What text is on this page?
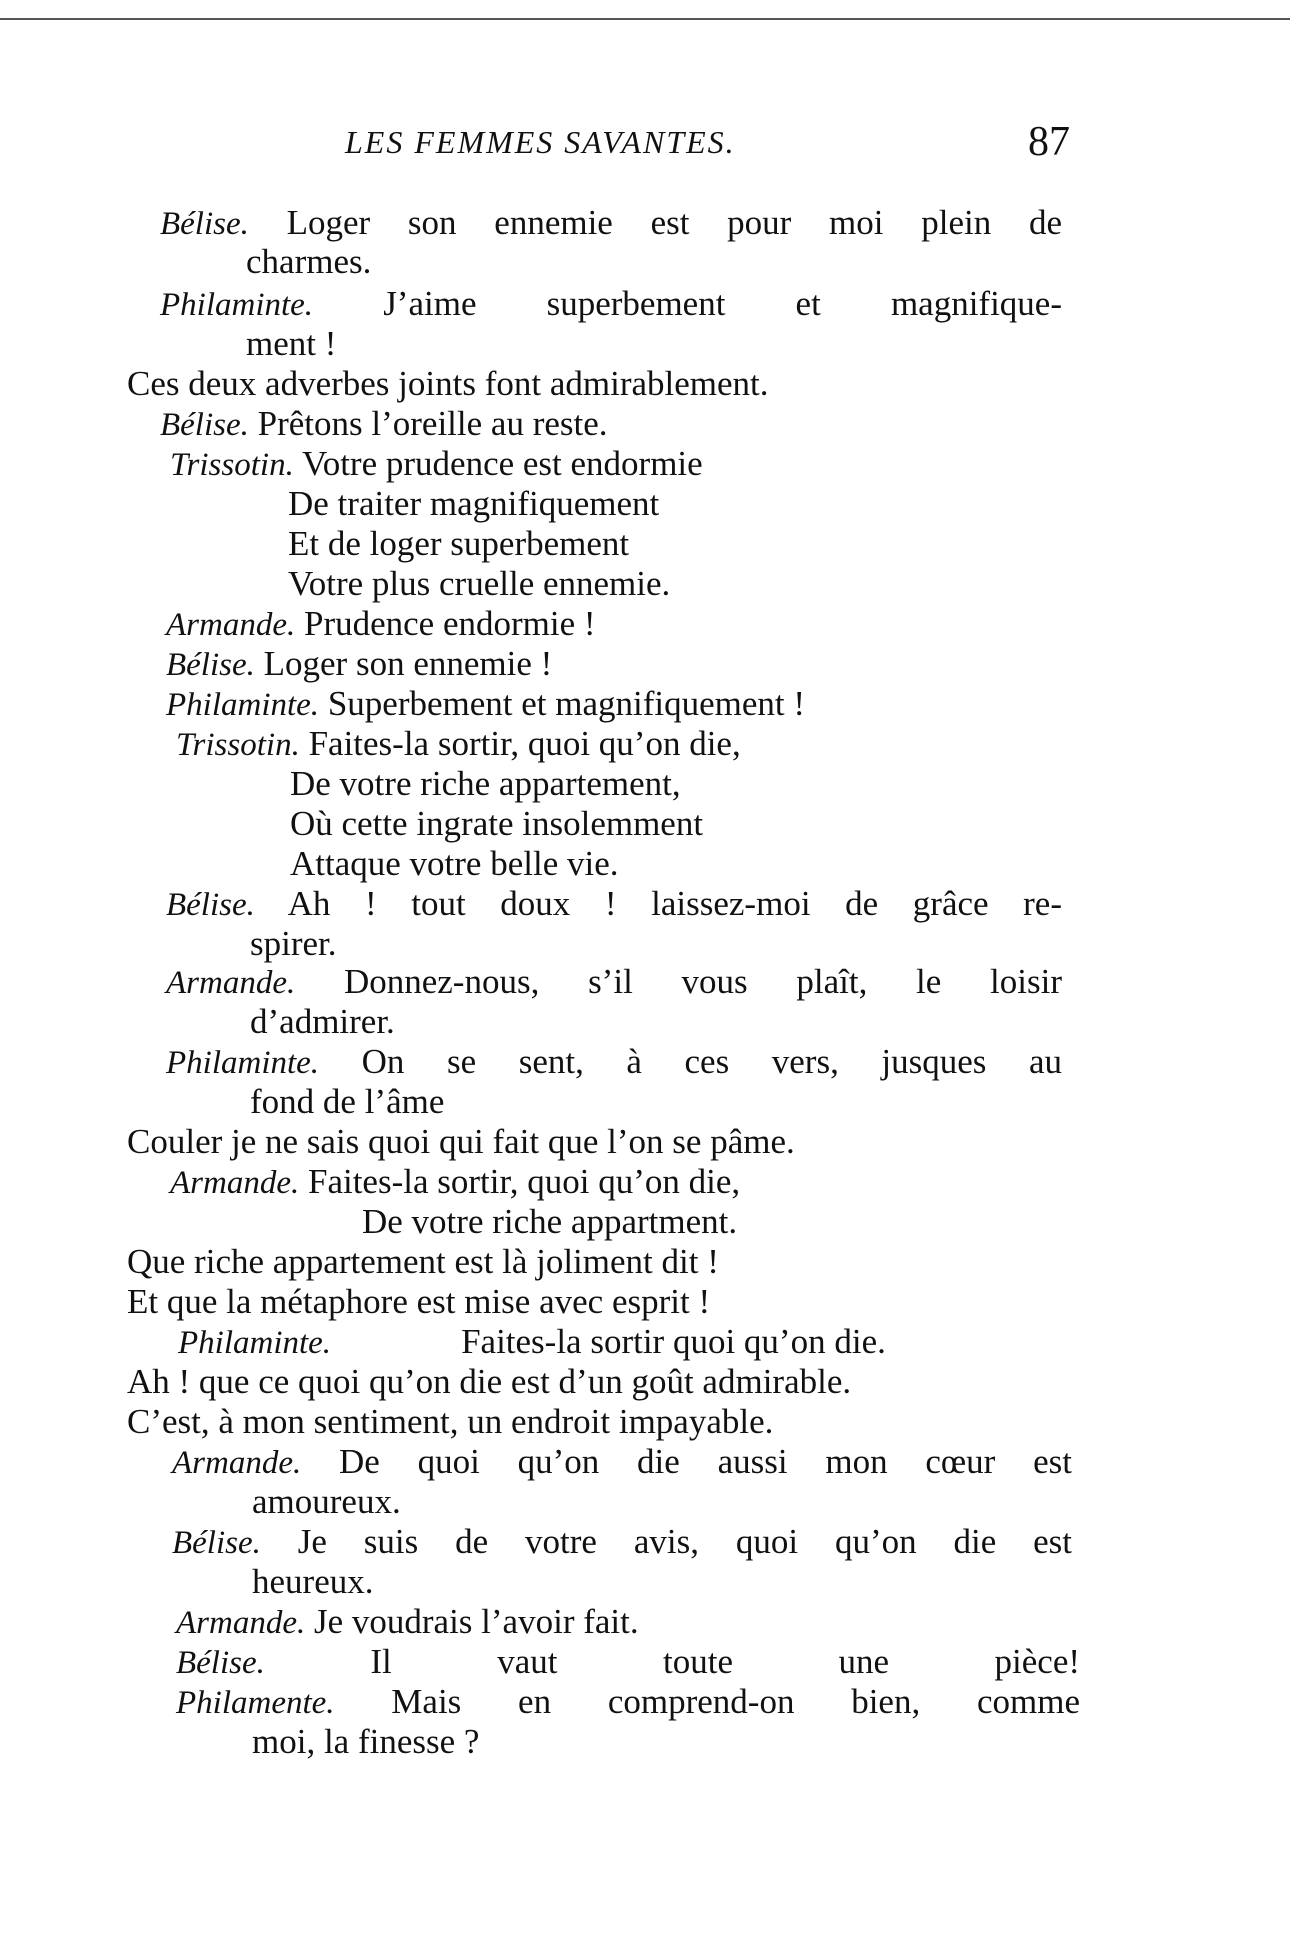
LES FEMMES SAVANTES.	87
Bélise. Loger son ennemie est pour moi plein de
charmes.
Philaminte. J’aime superbement et magnifique-
ment !
Ces deux adverbes joints font admirablement.
Bélise. Prêtons l’oreille au reste.
Trissotin. Votre prudence est endormie
De traiter magnifiquement
Et de loger superbement
Votre plus cruelle ennemie.
Armande. Prudence endormie !
Bélise. Loger son ennemie !
Philaminte. Superbement et magnifiquement !
Trissotin. Faites-la sortir, quoi qu’on die,
De votre riche appartement,
Où cette ingrate insolemment
Attaque votre belle vie.
Bélise. Ah ! tout doux ! laissez-moi de grâce re-
spirer.
Armande. Donnez-nous, s’il vous plaît, le loisir
d’admirer.
Philaminte. On se sent, à ces vers, jusques au
fond de l’âme
Couler je ne sais quoi qui fait que l’on se pâme.
Armande. Faites-la sortir, quoi qu’on die,
De votre riche appartment.
Que riche appartement est là joliment dit !
Et que la métaphore est mise avec esprit !
Philaminte.	Faites-la sortir quoi qu’on die.
Ah ! que ce quoi qu’on die est d’un goût admirable.
C’est, à mon sentiment, un endroit impayable.
Armande. De quoi qu’on die aussi mon cœur est
amoureux.
Bélise. Je suis de votre avis, quoi qu’on die est
heureux.
Armande. Je voudrais l’avoir fait.
Bélise.	Il vaut toute une pièce!
Philamente. Mais en comprend-on bien, comme
moi, la finesse ?
